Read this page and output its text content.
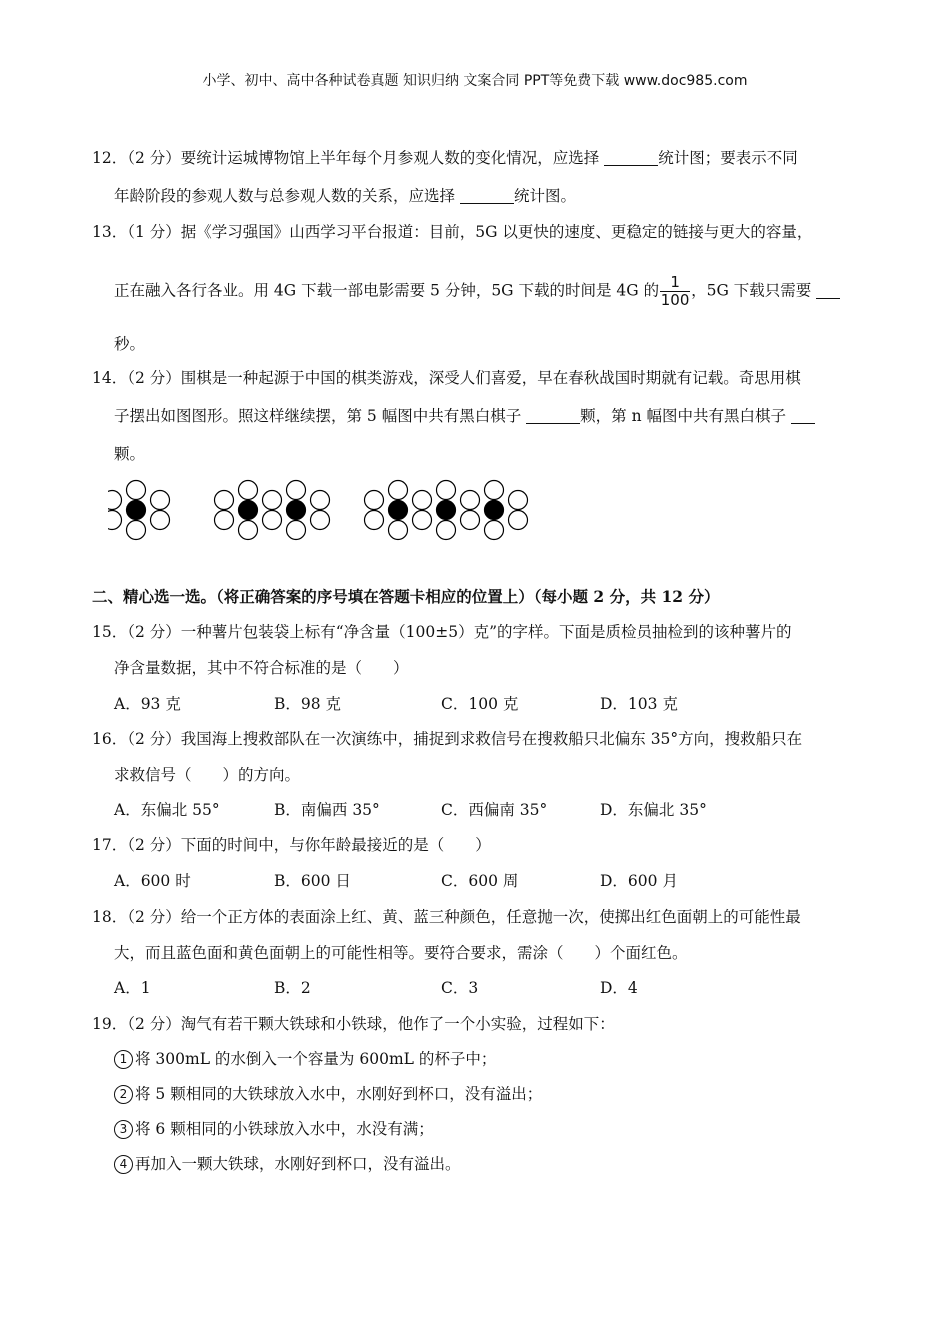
小学、初中、高中各种试卷真题 知识归纳 文案合同 PPT等免费下载 www.doc985.com
12．（2 分）要统计运城博物馆上半年每个月参观人数的变化情况，应选择	统计图；要表示不同
年龄阶段的参观人数与总参观人数的关系，应选择	统计图。
13．（1 分）据《学习强国》山西学习平台报道：目前，5G 以更快的速度、更稳定的链接与更大的容量，
正在融入各行各业。用 4G 下载一部电影需要 5 分钟，5G 下载的时间是 4G 的 $\frac{1}{100}$ ，5G 下载只需要
秒。
14．（2 分）围棋是一种起源于中国的棋类游戏，深受人们喜爱，早在春秋战国时期就有记载。奇思用棋
子摆出如图图形。照这样继续摆，第 5 幅图中共有黑白棋子	颗，第 n 幅图中共有黑白棋子
颗。
二、精心选一选。（将正确答案的序号填在答题卡相应的位置上）（每小题 2 分，共 12 分）
15．（2 分）一种薯片包装袋上标有“净含量（100±5）克”的字样。下面是质检员抽检到的该种薯片的
净含量数据，其中不符合标准的是（　　）
A．93 克	B．98 克	C．100 克	D．103 克
16．（2 分）我国海上搜救部队在一次演练中，捕捉到求救信号在搜救船只北偏东 35°方向，搜救船只在
求救信号（　　）的方向。
A．东偏北 55°	B．南偏西 35°	C．西偏南 35°	D．东偏北 35°
17．（2 分）下面的时间中，与你年龄最接近的是（　　）
A．600 时	B．600 日	C．600 周	D．600 月
18．（2 分）给一个正方体的表面涂上红、黄、蓝三种颜色，任意抛一次，使掷出红色面朝上的可能性最
大，而且蓝色面和黄色面朝上的可能性相等。要符合要求，需涂（　　）个面红色。
A．1	B．2	C．3	D．4
19．（2 分）淘气有若干颗大铁球和小铁球，他作了一个小实验，过程如下：
1 将 300mL 的水倒入一个容量为 600mL 的杯子中；
2 将 5 颗相同的大铁球放入水中，水刚好到杯口，没有溢出；
3 将 6 颗相同的小铁球放入水中，水没有满；
4 再加入一颗大铁球，水刚好到杯口，没有溢出。
